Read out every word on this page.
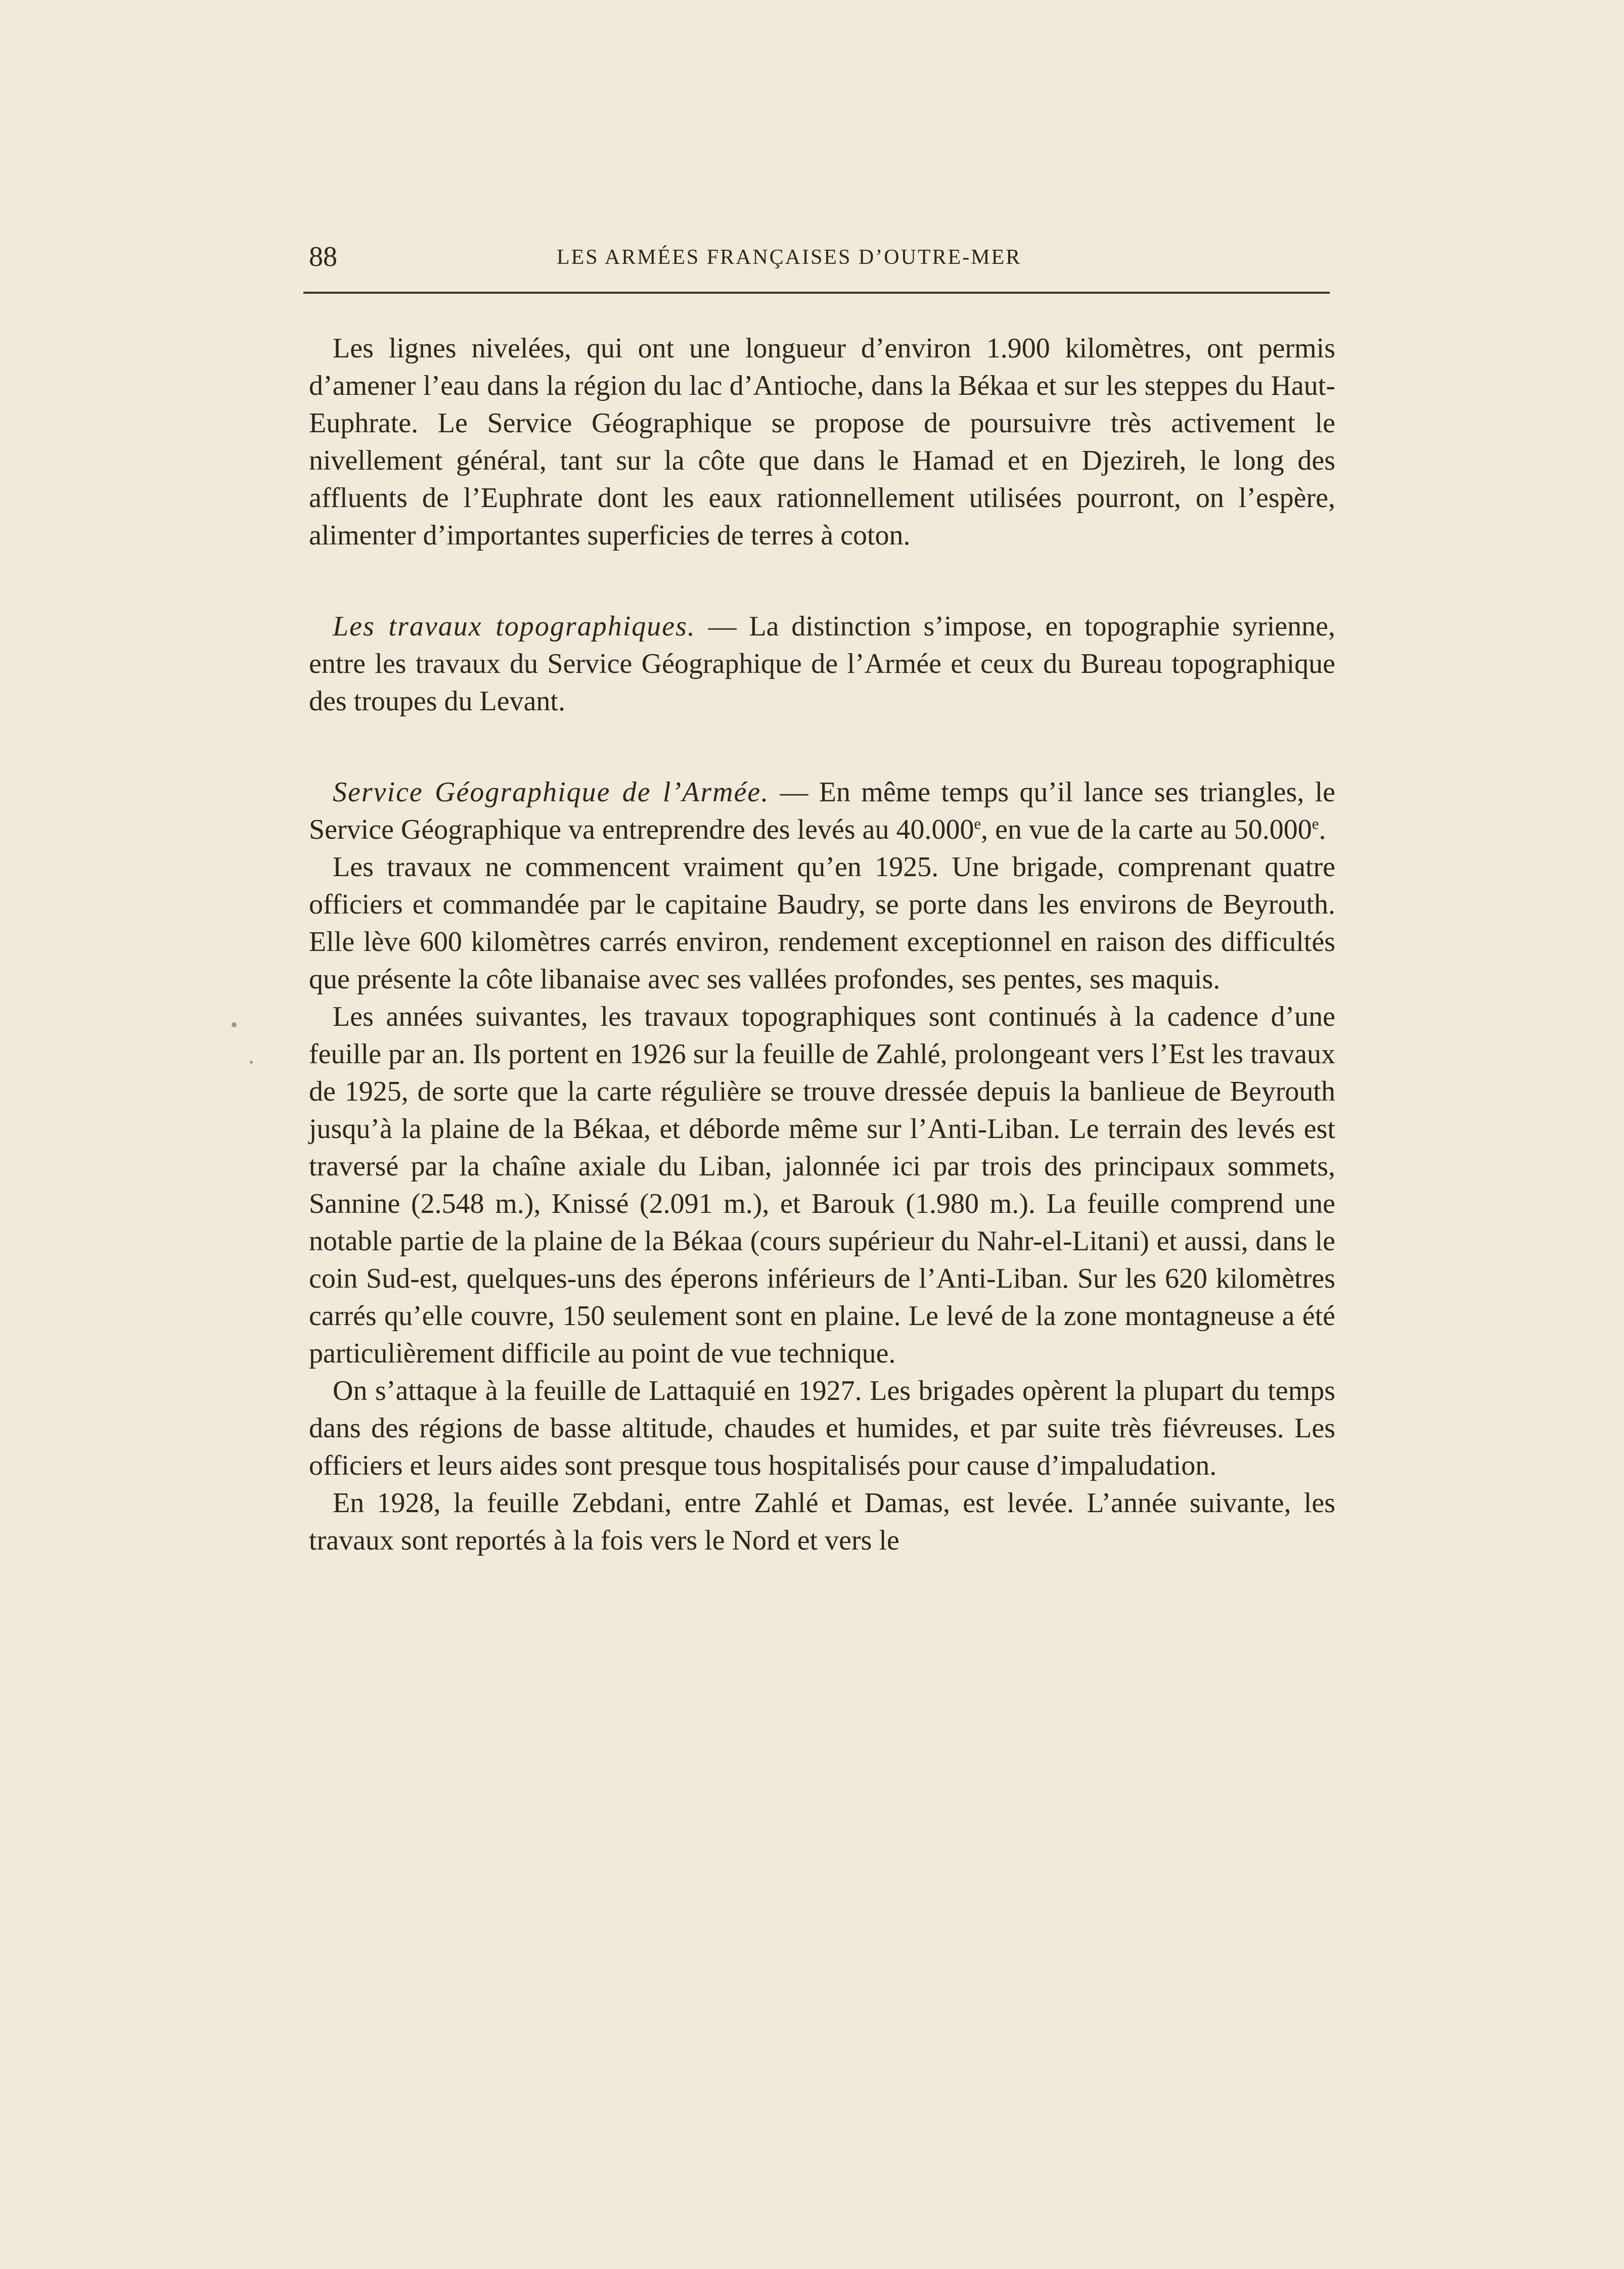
88	LES ARMÉES FRANÇAISES D’OUTRE-MER

Les lignes nivelées, qui ont une longueur d’environ 1.900 kilomètres, ont permis d’amener l’eau dans la région du lac d’Antioche, dans la Békaa et sur les steppes du Haut-Euphrate. Le Service Géographique se propose de poursuivre très activement le nivellement général, tant sur la côte que dans le Hamad et en Djezireh, le long des affluents de l’Euphrate dont les eaux rationnellement utilisées pourront, on l’espère, alimenter d’importantes superficies de terres à coton.

Les travaux topographiques. — La distinction s’impose, en topographie syrienne, entre les travaux du Service Géographique de l’Armée et ceux du Bureau topographique des troupes du Levant.

Service Géographique de l’Armée. — En même temps qu’il lance ses triangles, le Service Géographique va entreprendre des levés au 40.000e, en vue de la carte au 50.000e.

Les travaux ne commencent vraiment qu’en 1925. Une brigade, comprenant quatre officiers et commandée par le capitaine Baudry, se porte dans les environs de Beyrouth. Elle lève 600 kilomètres carrés environ, rendement exceptionnel en raison des difficultés que présente la côte libanaise avec ses vallées profondes, ses pentes, ses maquis.

Les années suivantes, les travaux topographiques sont continués à la cadence d’une feuille par an. Ils portent en 1926 sur la feuille de Zahlé, prolongeant vers l’Est les travaux de 1925, de sorte que la carte régulière se trouve dressée depuis la banlieue de Beyrouth jusqu’à la plaine de la Békaa, et déborde même sur l’Anti-Liban. Le terrain des levés est traversé par la chaîne axiale du Liban, jalonnée ici par trois des principaux sommets, Sannine (2.548 m.), Knissé (2.091 m.), et Barouk (1.980 m.). La feuille comprend une notable partie de la plaine de la Békaa (cours supérieur du Nahr-el-Litani) et aussi, dans le coin Sud-est, quelques-uns des éperons inférieurs de l’Anti-Liban. Sur les 620 kilomètres carrés qu’elle couvre, 150 seulement sont en plaine. Le levé de la zone montagneuse a été particulièrement difficile au point de vue technique.

On s’attaque à la feuille de Lattaquié en 1927. Les brigades opèrent la plupart du temps dans des régions de basse altitude, chaudes et humides, et par suite très fiévreuses. Les officiers et leurs aides sont presque tous hospitalisés pour cause d’impaludation.

En 1928, la feuille Zebdani, entre Zahlé et Damas, est levée. L’année suivante, les travaux sont reportés à la fois vers le Nord et vers le
